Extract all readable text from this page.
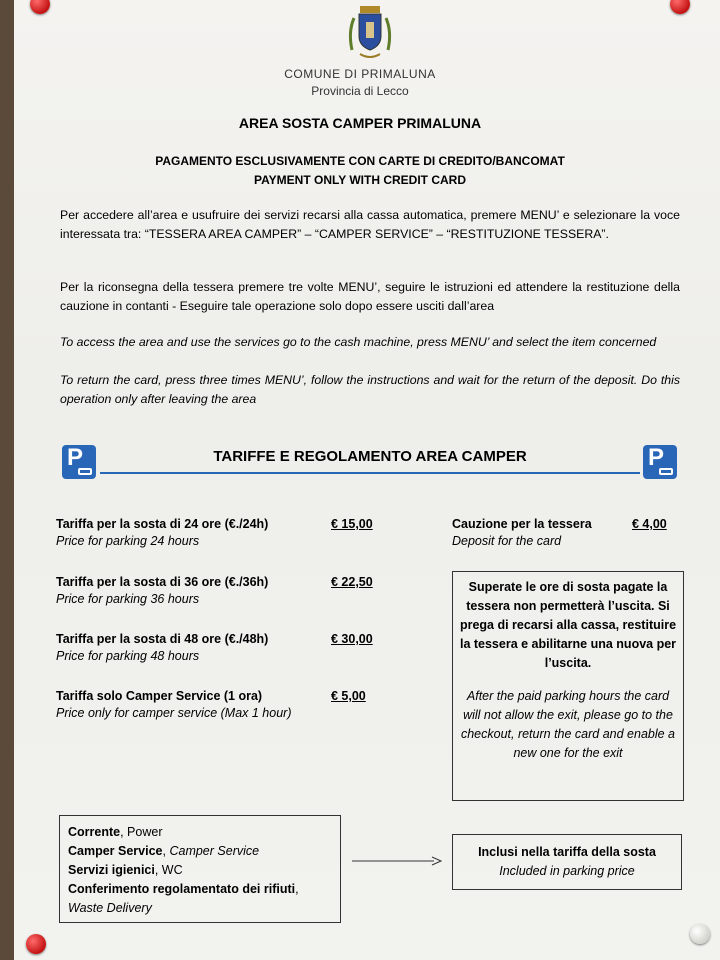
COMUNE DI PRIMALUNA
Provincia di Lecco
AREA SOSTA CAMPER PRIMALUNA
PAGAMENTO ESCLUSIVAMENTE CON CARTE DI CREDITO/BANCOMAT
PAYMENT ONLY WITH CREDIT CARD
Per accedere all’area e usufruire dei servizi recarsi alla cassa automatica, premere MENU’ e selezionare la voce interessata tra: “TESSERA AREA CAMPER” – “CAMPER SERVICE” – “RESTITUZIONE TESSERA”.
Per la riconsegna della tessera premere tre volte MENU’, seguire le istruzioni ed attendere la restituzione della cauzione in contanti - Eseguire tale operazione solo dopo essere usciti dall’area
To access the area and use the services go to the cash machine, press MENU’ and select the item concerned
To return the card, press three times MENU’, follow the instructions and wait for the return of the deposit. Do this operation only after leaving the area
P	P
TARIFFE E REGOLAMENTO AREA CAMPER
Tariffa per la sosta di 24 ore (€./24h)
Price for parking 24 hours
€ 15,00
Tariffa per la sosta di 36 ore (€./36h)
Price for parking 36 hours
€ 22,50
Tariffa per la sosta di 48 ore (€./48h)
Price for parking 48 hours
€ 30,00
Tariffa solo Camper Service (1 ora)
Price only for camper service (Max 1 hour)
€ 5,00
Cauzione per la tessera
Deposit for the card
€ 4,00
Superate le ore di sosta pagate la tessera non permetterà l’uscita. Si prega di recarsi alla cassa, restituire la tessera e abilitarne una nuova per l’uscita.
After the paid parking hours the card will not allow the exit, please go to the checkout, return the card and enable a new one for the exit
Corrente, Power
Camper Service, Camper Service
Servizi igienici, WC
Conferimento regolamentato dei rifiuti,
Waste Delivery
Inclusi nella tariffa della sosta
Included in parking price
